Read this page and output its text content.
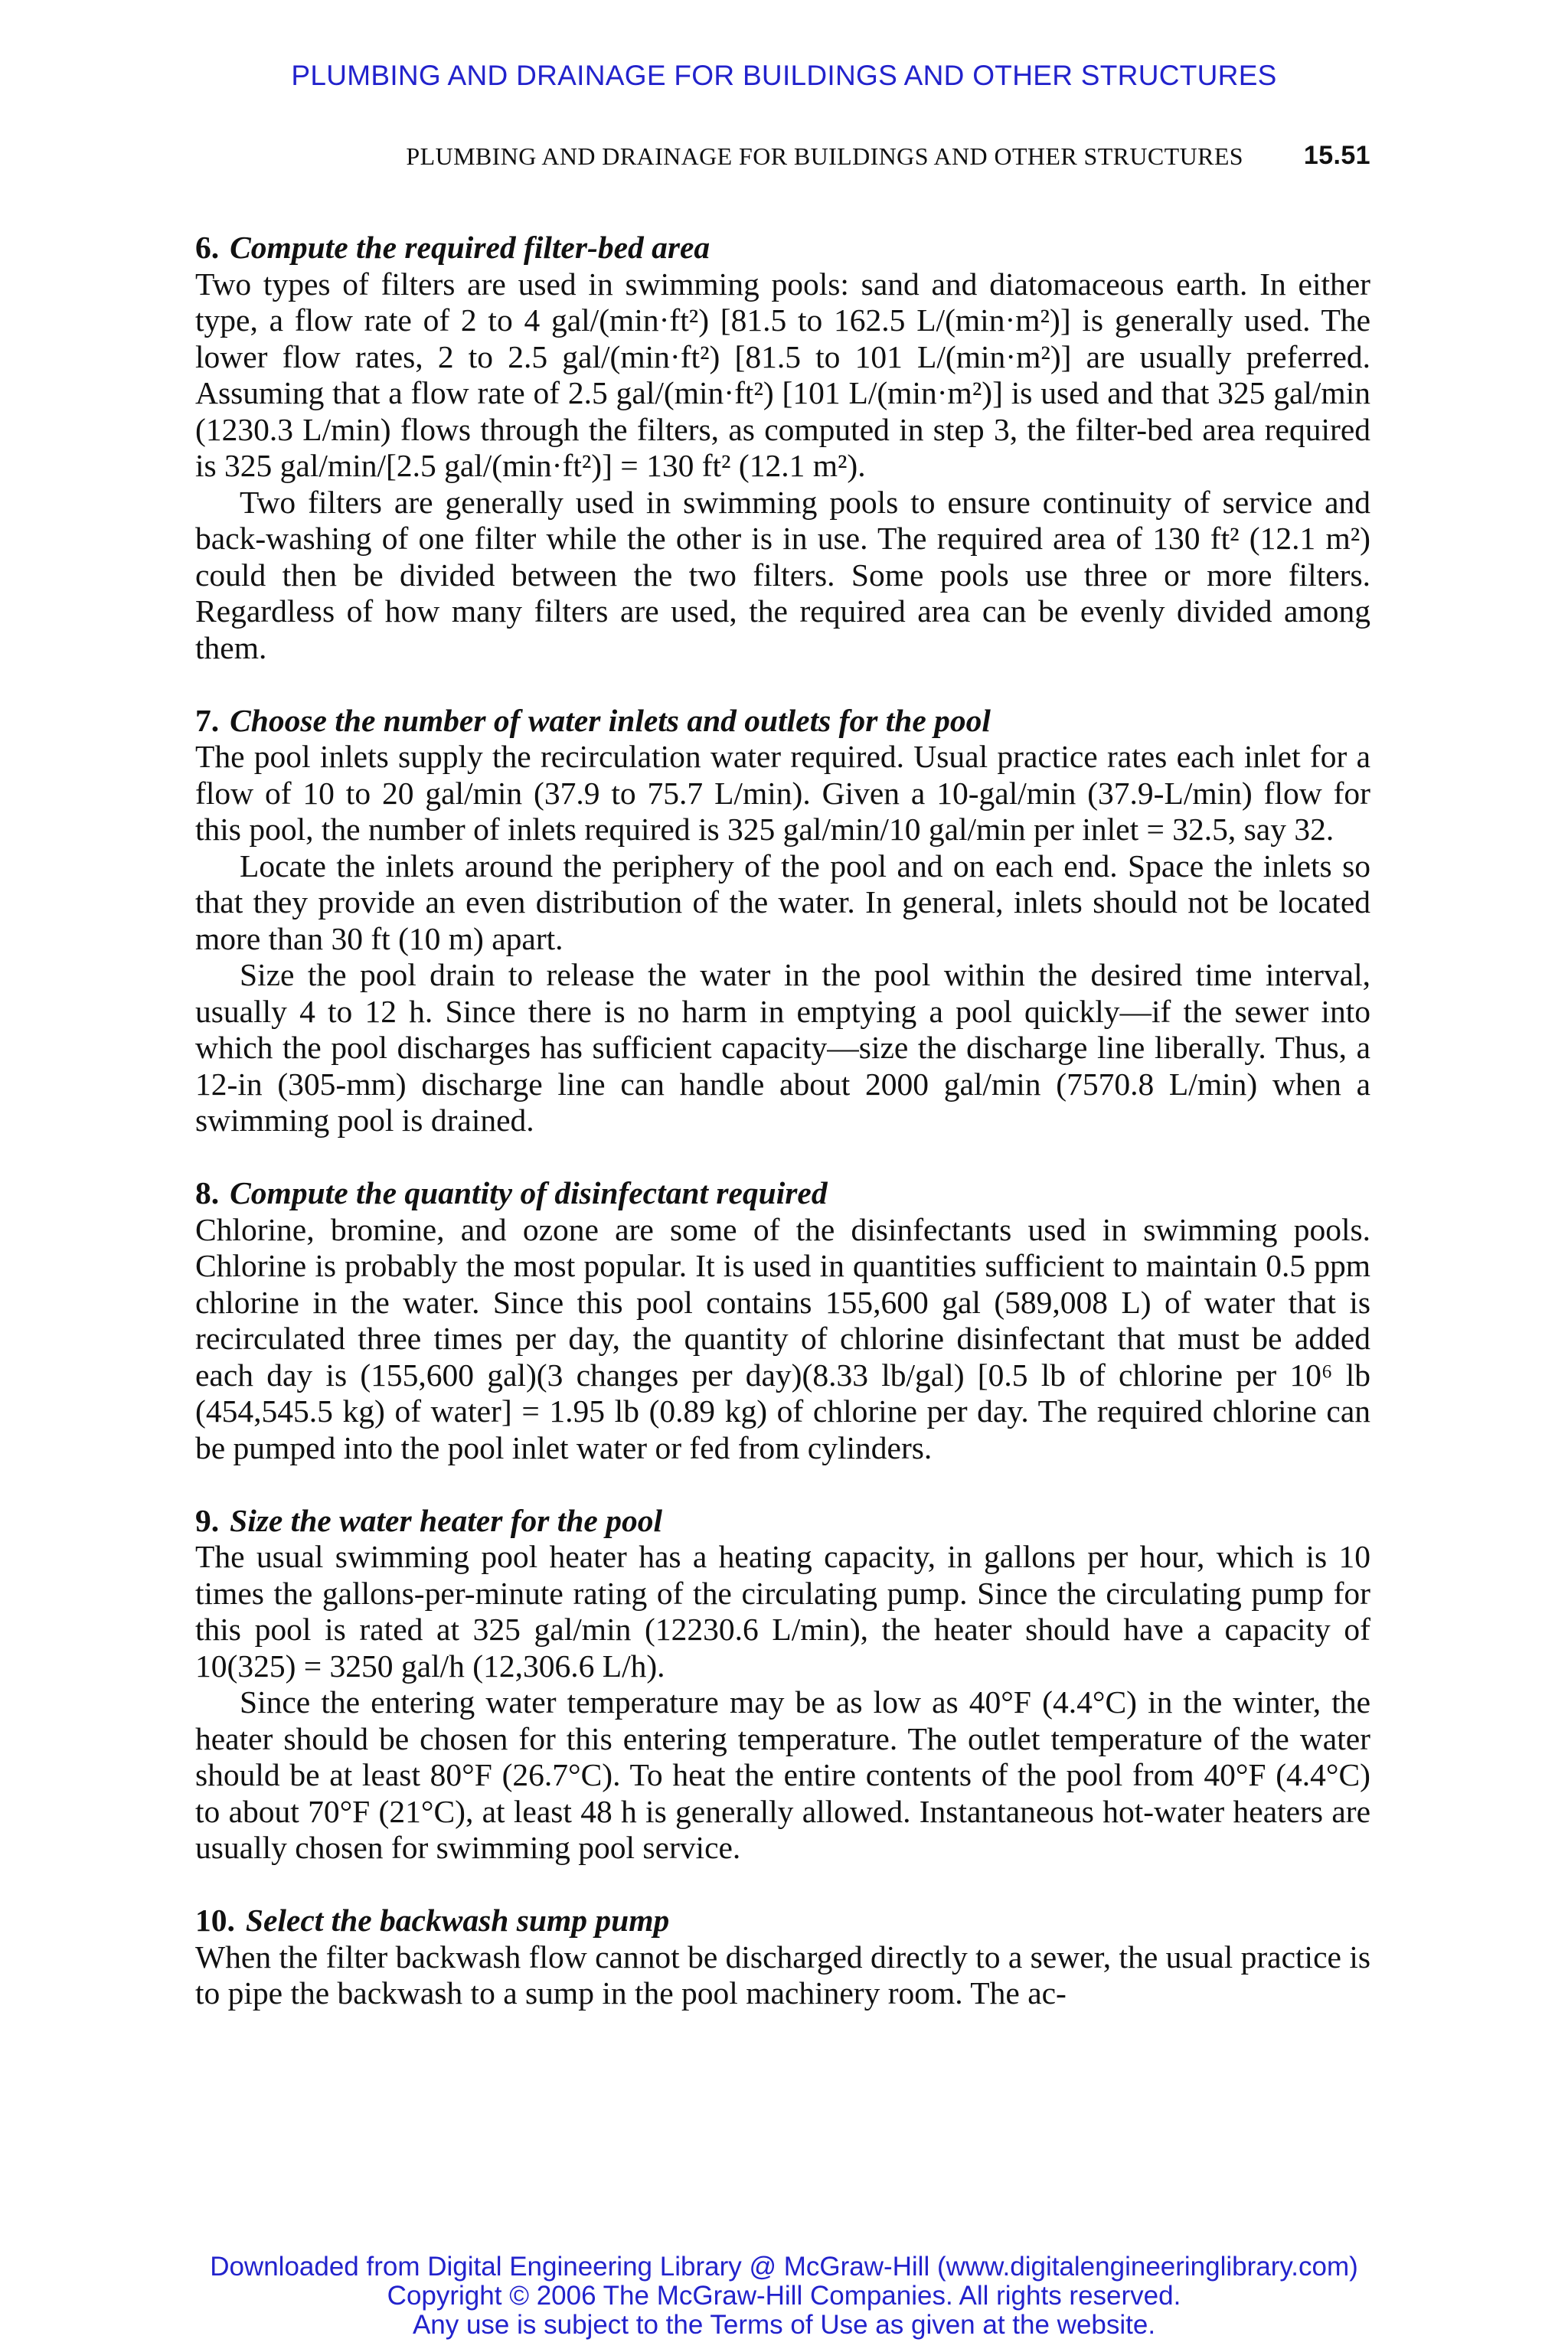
PLUMBING AND DRAINAGE FOR BUILDINGS AND OTHER STRUCTURES
PLUMBING AND DRAINAGE FOR BUILDINGS AND OTHER STRUCTURES 15.51
6. Compute the required filter-bed area

Two types of filters are used in swimming pools: sand and diatomaceous earth. In either type, a flow rate of 2 to 4 gal/(min·ft²) [81.5 to 162.5 L/(min·m²)] is generally used. The lower flow rates, 2 to 2.5 gal/(min·ft²) [81.5 to 101 L/(min·m²)] are usually preferred. Assuming that a flow rate of 2.5 gal/(min·ft²) [101 L/(min·m²)] is used and that 325 gal/min (1230.3 L/min) flows through the filters, as computed in step 3, the filter-bed area required is 325 gal/min/[2.5 gal/(min·ft²)] = 130 ft² (12.1 m²).

Two filters are generally used in swimming pools to ensure continuity of service and back-washing of one filter while the other is in use. The required area of 130 ft² (12.1 m²) could then be divided between the two filters. Some pools use three or more filters. Regardless of how many filters are used, the required area can be evenly divided among them.

7. Choose the number of water inlets and outlets for the pool

The pool inlets supply the recirculation water required. Usual practice rates each inlet for a flow of 10 to 20 gal/min (37.9 to 75.7 L/min). Given a 10-gal/min (37.9-L/min) flow for this pool, the number of inlets required is 325 gal/min/10 gal/min per inlet = 32.5, say 32.

Locate the inlets around the periphery of the pool and on each end. Space the inlets so that they provide an even distribution of the water. In general, inlets should not be located more than 30 ft (10 m) apart.

Size the pool drain to release the water in the pool within the desired time interval, usually 4 to 12 h. Since there is no harm in emptying a pool quickly—if the sewer into which the pool discharges has sufficient capacity—size the discharge line liberally. Thus, a 12-in (305-mm) discharge line can handle about 2000 gal/min (7570.8 L/min) when a swimming pool is drained.

8. Compute the quantity of disinfectant required

Chlorine, bromine, and ozone are some of the disinfectants used in swimming pools. Chlorine is probably the most popular. It is used in quantities sufficient to maintain 0.5 ppm chlorine in the water. Since this pool contains 155,600 gal (589,008 L) of water that is recirculated three times per day, the quantity of chlorine disinfectant that must be added each day is (155,600 gal)(3 changes per day)(8.33 lb/gal) [0.5 lb of chlorine per 10⁶ lb (454,545.5 kg) of water] = 1.95 lb (0.89 kg) of chlorine per day. The required chlorine can be pumped into the pool inlet water or fed from cylinders.

9. Size the water heater for the pool

The usual swimming pool heater has a heating capacity, in gallons per hour, which is 10 times the gallons-per-minute rating of the circulating pump. Since the circulating pump for this pool is rated at 325 gal/min (12230.6 L/min), the heater should have a capacity of 10(325) = 3250 gal/h (12,306.6 L/h).

Since the entering water temperature may be as low as 40°F (4.4°C) in the winter, the heater should be chosen for this entering temperature. The outlet temperature of the water should be at least 80°F (26.7°C). To heat the entire contents of the pool from 40°F (4.4°C) to about 70°F (21°C), at least 48 h is generally allowed. Instantaneous hot-water heaters are usually chosen for swimming pool service.

10. Select the backwash sump pump

When the filter backwash flow cannot be discharged directly to a sewer, the usual practice is to pipe the backwash to a sump in the pool machinery room. The ac-

Downloaded from Digital Engineering Library @ McGraw-Hill (www.digitalengineeringlibrary.com)
Copyright © 2006 The McGraw-Hill Companies. All rights reserved.
Any use is subject to the Terms of Use as given at the website.
